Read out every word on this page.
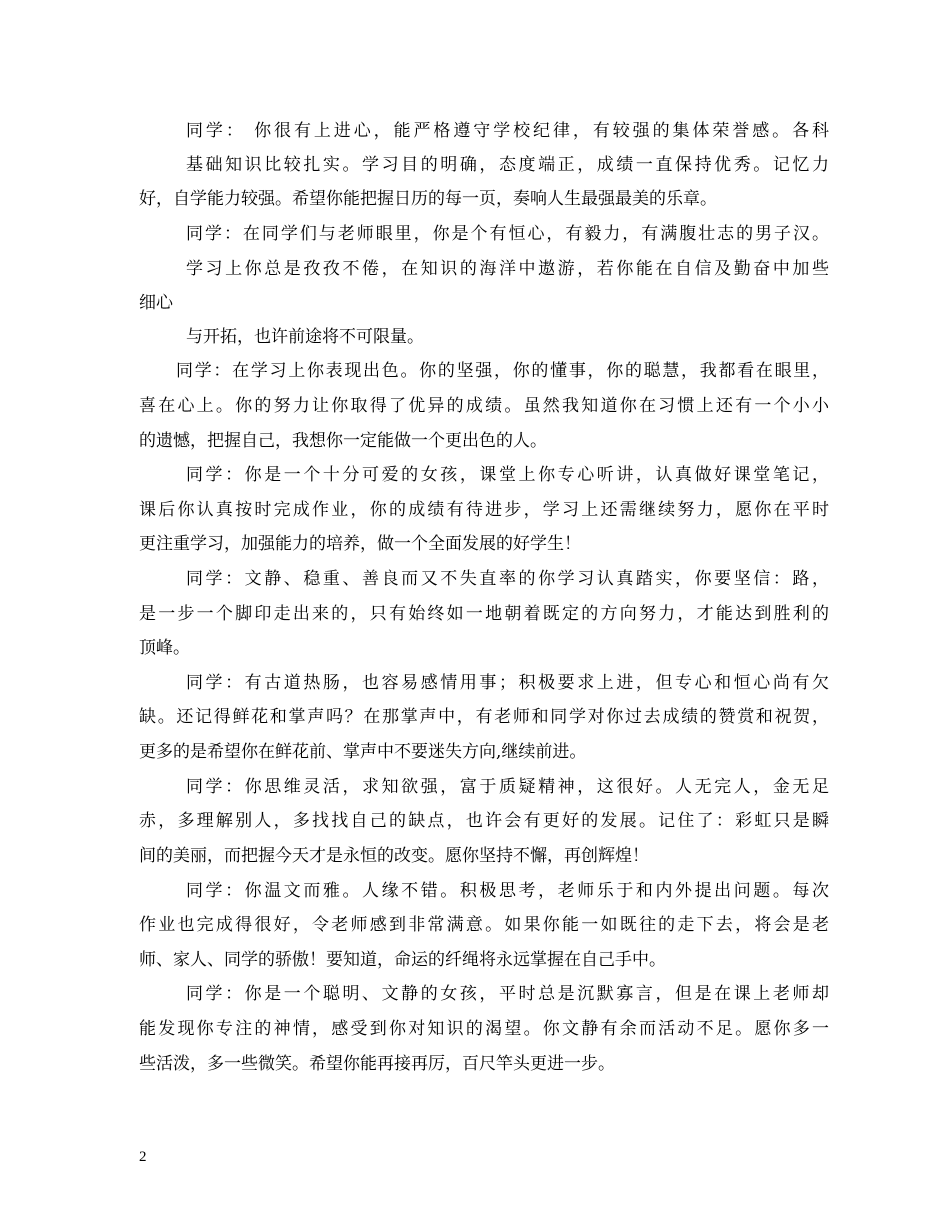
同学： 你很有上进心，能严格遵守学校纪律，有较强的集体荣誉感。各科
基础知识比较扎实。学习目的明确，态度端正，成绩一直保持优秀。记忆力
好，自学能力较强。希望你能把握日历的每一页，奏响人生最强最美的乐章。
同学：在同学们与老师眼里，你是个有恒心，有毅力，有满腹壮志的男子汉。
学习上你总是孜孜不倦，在知识的海洋中遨游，若你能在自信及勤奋中加些
细心
与开拓，也许前途将不可限量。
同学：在学习上你表现出色。你的坚强，你的懂事，你的聪慧，我都看在眼里，
喜在心上。你的努力让你取得了优异的成绩。虽然我知道你在习惯上还有一个小小
的遗憾，把握自己，我想你一定能做一个更出色的人。
同学：你是一个十分可爱的女孩，课堂上你专心听讲，认真做好课堂笔记，
课后你认真按时完成作业，你的成绩有待进步，学习上还需继续努力，愿你在平时
更注重学习，加强能力的培养，做一个全面发展的好学生！
同学：文静、稳重、善良而又不失直率的你学习认真踏实，你要坚信：路，
是一步一个脚印走出来的，只有始终如一地朝着既定的方向努力，才能达到胜利的
顶峰。
同学：有古道热肠，也容易感情用事；积极要求上进，但专心和恒心尚有欠
缺。还记得鲜花和掌声吗？在那掌声中，有老师和同学对你过去成绩的赞赏和祝贺，
更多的是希望你在鲜花前、掌声中不要迷失方向,继续前进。
同学：你思维灵活，求知欲强，富于质疑精神，这很好。人无完人，金无足
赤，多理解别人，多找找自己的缺点，也许会有更好的发展。记住了：彩虹只是瞬
间的美丽，而把握今天才是永恒的改变。愿你坚持不懈，再创辉煌！
同学：你温文而雅。人缘不错。积极思考，老师乐于和内外提出问题。每次
作业也完成得很好，令老师感到非常满意。如果你能一如既往的走下去，将会是老
师、家人、同学的骄傲！要知道，命运的纤绳将永远掌握在自己手中。
同学：你是一个聪明、文静的女孩，平时总是沉默寡言，但是在课上老师却
能发现你专注的神情，感受到你对知识的渴望。你文静有余而活动不足。愿你多一
些活泼，多一些微笑。希望你能再接再厉，百尺竿头更进一步。
2
